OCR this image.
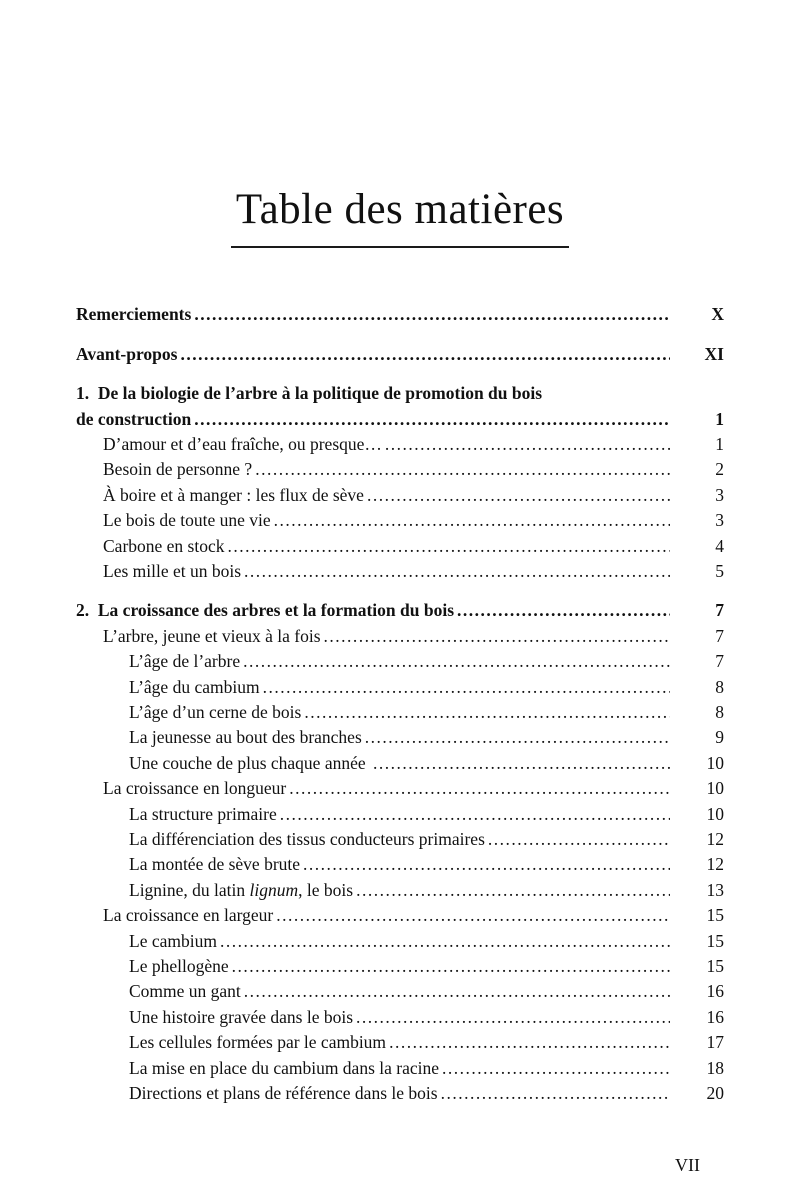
Table des matières
Remerciements .....	X
Avant-propos .....	XI
1.  De la biologie de l’arbre à la politique de promotion du bois
de construction .....	1
D’amour et d’eau fraîche, ou presque… .....	1
Besoin de personne ? .....	2
À boire et à manger : les flux de sève .....	3
Le bois de toute une vie .....	3
Carbone en stock .....	4
Les mille et un bois .....	5
2.  La croissance des arbres et la formation du bois .....	7
L’arbre, jeune et vieux à la fois .....	7
L’âge de l’arbre .....	7
L’âge du cambium .....	8
L’âge d’un cerne de bois .....	8
La jeunesse au bout des branches .....	9
Une couche de plus chaque année .....	10
La croissance en longueur .....	10
La structure primaire .....	10
La différenciation des tissus conducteurs primaires .....	12
La montée de sève brute .....	12
Lignine, du latin lignum, le bois .....	13
La croissance en largeur .....	15
Le cambium .....	15
Le phellogène .....	15
Comme un gant .....	16
Une histoire gravée dans le bois .....	16
Les cellules formées par le cambium .....	17
La mise en place du cambium dans la racine .....	18
Directions et plans de référence dans le bois .....	20
VII
